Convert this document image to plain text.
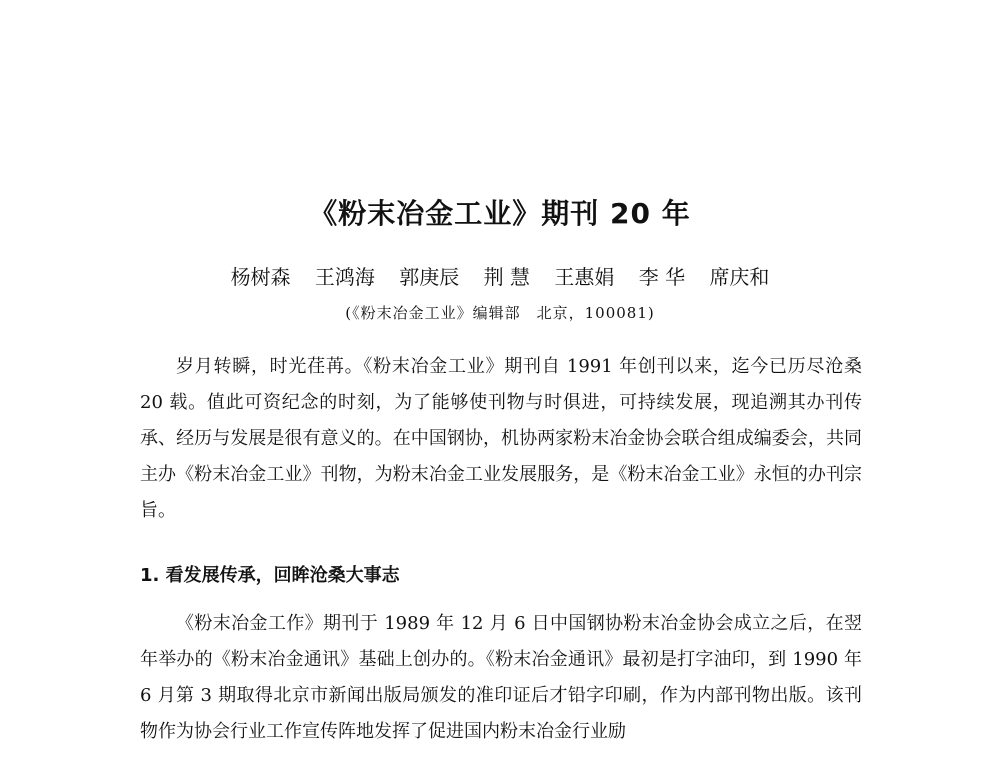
《粉末冶金工业》期刊 20 年
杨树森 王鸿海 郭庚辰 荆 慧 王惠娟 李 华 席庆和
(《粉末冶金工业》编辑部　北京，100081)

岁月转瞬，时光荏苒。《粉末冶金工业》期刊自 1991 年创刊以来，迄今已历尽沧桑 20 载。值此可资纪念的时刻，为了能够使刊物与时俱进，可持续发展，现追溯其办刊传承、经历与发展是很有意义的。在中国钢协，机协两家粉末冶金协会联合组成编委会，共同主办《粉末冶金工业》刊物，为粉末冶金工业发展服务，是《粉末冶金工业》永恒的办刊宗旨。

1. 看发展传承，回眸沧桑大事志

《粉末冶金工作》期刊于 1989 年 12 月 6 日中国钢协粉末冶金协会成立之后，在翌年举办的《粉末冶金通讯》基础上创办的。《粉末冶金通讯》最初是打字油印，到 1990 年 6 月第 3 期取得北京市新闻出版局颁发的准印证后才铅字印刷，作为内部刊物出版。该刊物作为协会行业工作宣传阵地发挥了促进国内粉末冶金行业励
